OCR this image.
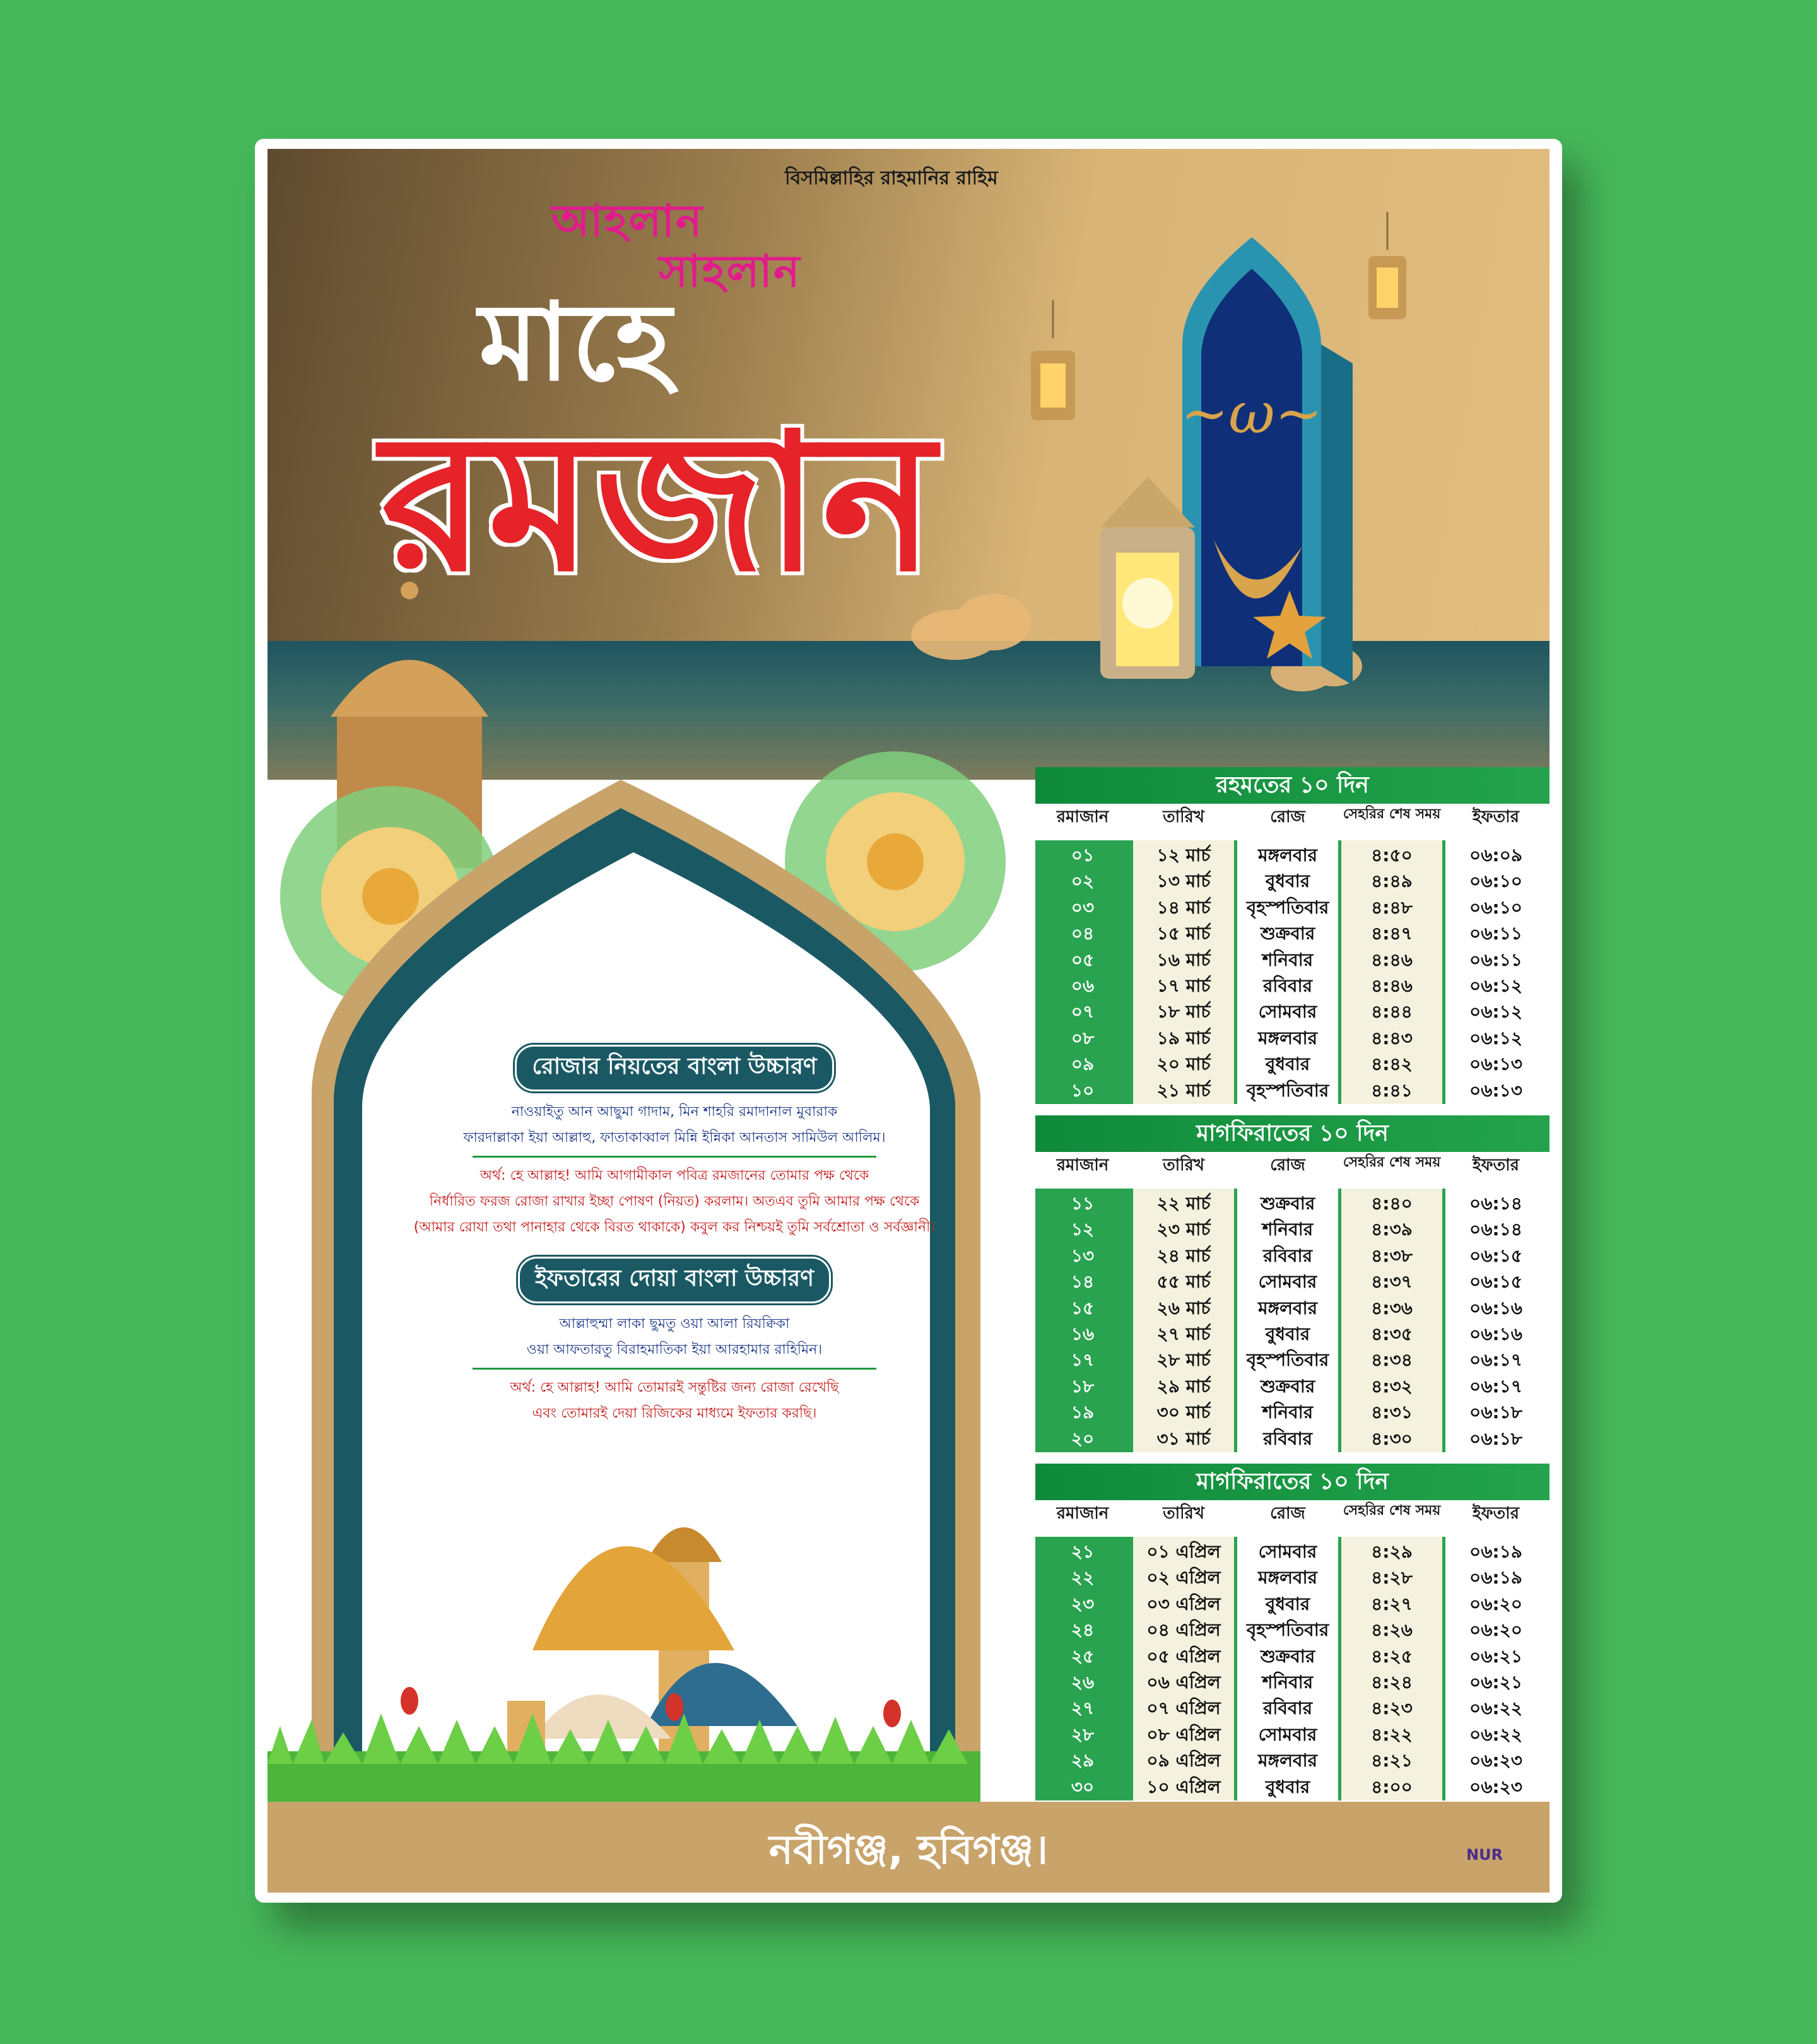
~ω~
বিসমিল্লাহির রাহমানির রাহিম
আহলান
সাহলান
মাহে
রমজান
রোজার নিয়তের বাংলা উচ্চারণ
নাওয়াইতু আন আছুমা গাদাম, মিন শাহরি রমাদানাল মুবারাক
ফারদাল্লাকা ইয়া আল্লাহু, ফাতাকাব্বাল মিন্নি ইন্নিকা আনতাস সামিউল আলিম।
অর্থ: হে আল্লাহ! আমি আগামীকাল পবিত্র রমজানের তোমার পক্ষ থেকে
নির্ধারিত ফরজ রোজা রাখার ইচ্ছা পোষণ (নিয়ত) করলাম। অতএব তুমি আমার পক্ষ থেকে
(আমার রোযা তথা পানাহার থেকে বিরত থাকাকে) কবুল কর নিশ্চয়ই তুমি সর্বশ্রোতা ও সর্বজ্ঞানী।
ইফতারের দোয়া বাংলা উচ্চারণ
আল্লাহুম্মা লাকা ছুমতু ওয়া আলা রিযক্বিকা
ওয়া আফতারতু বিরাহমাতিকা ইয়া আরহামার রাহিমিন।
অর্থ: হে আল্লাহ! আমি তোমারই সন্তুষ্টির জন্য রোজা রেখেছি
এবং তোমারই দেয়া রিজিকের মাধ্যমে ইফতার করছি।
রহমতের ১০ দিন
রমাজান	তারিখ	রোজ	সেহরির শেষ সময়	ইফতার
০১	১২ মার্চ	মঙ্গলবার	৪:৫০	০৬:০৯
০২	১৩ মার্চ	বুধবার	৪:৪৯	০৬:১০
০৩	১৪ মার্চ	বৃহস্পতিবার	৪:৪৮	০৬:১০
০৪	১৫ মার্চ	শুক্রবার	৪:৪৭	০৬:১১
০৫	১৬ মার্চ	শনিবার	৪:৪৬	০৬:১১
০৬	১৭ মার্চ	রবিবার	৪:৪৬	০৬:১২
০৭	১৮ মার্চ	সোমবার	৪:৪৪	০৬:১২
০৮	১৯ মার্চ	মঙ্গলবার	৪:৪৩	০৬:১২
০৯	২০ মার্চ	বুধবার	৪:৪২	০৬:১৩
১০	২১ মার্চ	বৃহস্পতিবার	৪:৪১	০৬:১৩
মাগফিরাতের ১০ দিন
রমাজান	তারিখ	রোজ	সেহরির শেষ সময়	ইফতার
১১	২২ মার্চ	শুক্রবার	৪:৪০	০৬:১৪
১২	২৩ মার্চ	শনিবার	৪:৩৯	০৬:১৪
১৩	২৪ মার্চ	রবিবার	৪:৩৮	০৬:১৫
১৪	৫৫ মার্চ	সোমবার	৪:৩৭	০৬:১৫
১৫	২৬ মার্চ	মঙ্গলবার	৪:৩৬	০৬:১৬
১৬	২৭ মার্চ	বুধবার	৪:৩৫	০৬:১৬
১৭	২৮ মার্চ	বৃহস্পতিবার	৪:৩৪	০৬:১৭
১৮	২৯ মার্চ	শুক্রবার	৪:৩২	০৬:১৭
১৯	৩০ মার্চ	শনিবার	৪:৩১	০৬:১৮
২০	৩১ মার্চ	রবিবার	৪:৩০	০৬:১৮
মাগফিরাতের ১০ দিন
রমাজান	তারিখ	রোজ	সেহরির শেষ সময়	ইফতার
২১	০১ এপ্রিল	সোমবার	৪:২৯	০৬:১৯
২২	০২ এপ্রিল	মঙ্গলবার	৪:২৮	০৬:১৯
২৩	০৩ এপ্রিল	বুধবার	৪:২৭	০৬:২০
২৪	০৪ এপ্রিল	বৃহস্পতিবার	৪:২৬	০৬:২০
২৫	০৫ এপ্রিল	শুক্রবার	৪:২৫	০৬:২১
২৬	০৬ এপ্রিল	শনিবার	৪:২৪	০৬:২১
২৭	০৭ এপ্রিল	রবিবার	৪:২৩	০৬:২২
২৮	০৮ এপ্রিল	সোমবার	৪:২২	০৬:২২
২৯	০৯ এপ্রিল	মঙ্গলবার	৪:২১	০৬:২৩
৩০	১০ এপ্রিল	বুধবার	৪:০০	০৬:২৩
নবীগঞ্জ, হবিগঞ্জ।	NUR
